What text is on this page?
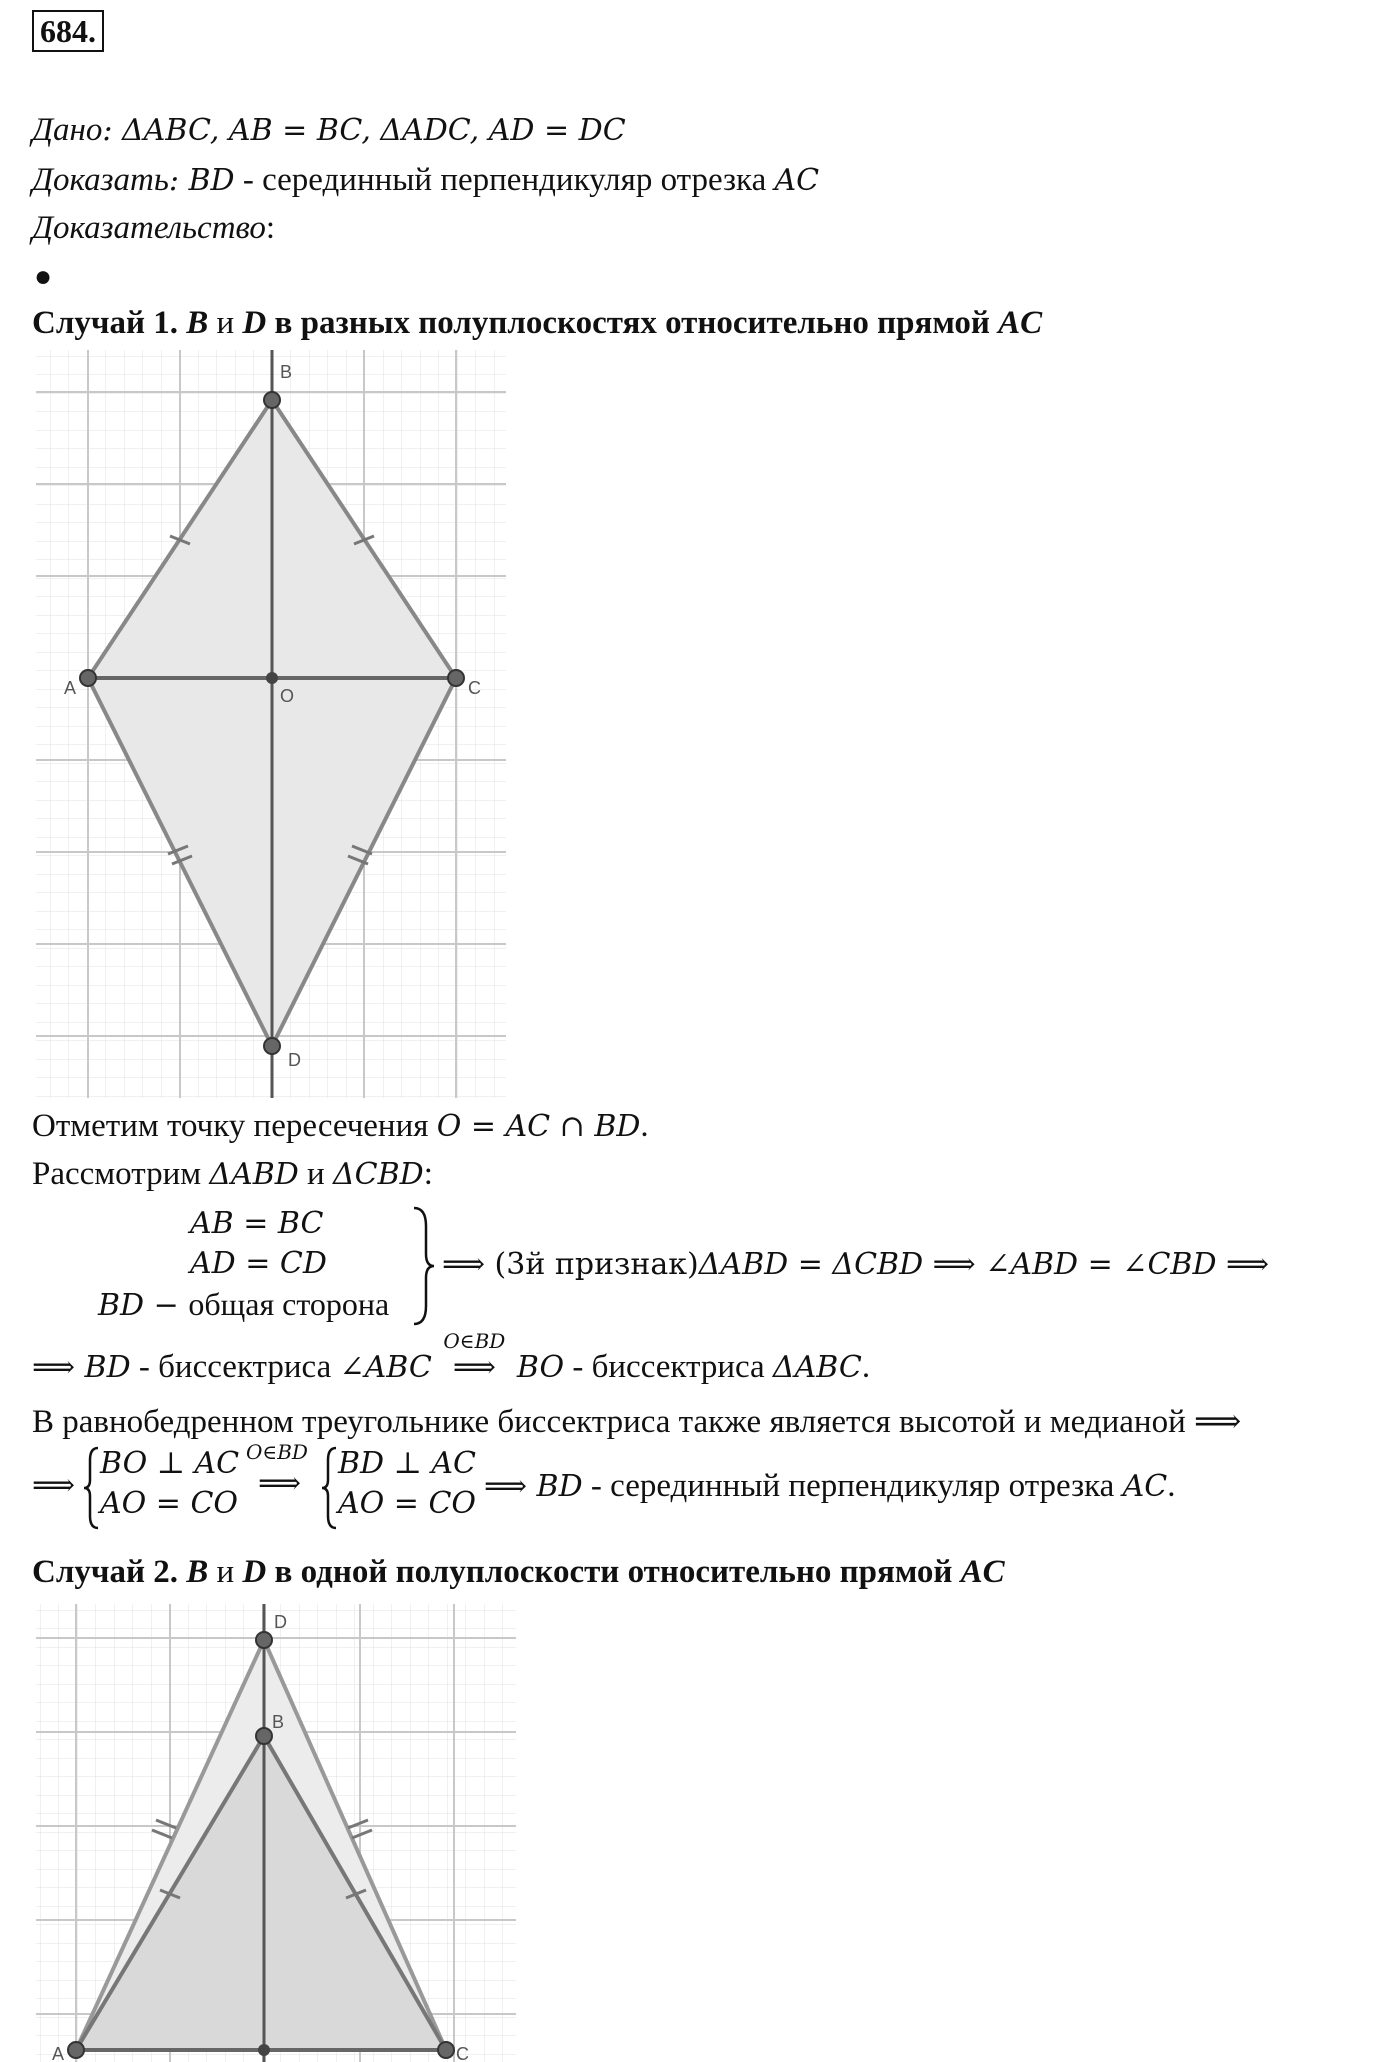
684.
Дано: ΔABC, AB = BC, ΔADC, AD = DC
Доказать: BD - серединный перпендикуляр отрезка AC
Доказательство:
●
Случай 1. B и D в разных полуплоскостях относительно прямой AC
B
A	C
O
D
Отметим точку пересечения O = AC ∩ BD.
Рассмотрим ΔABD и ΔCBD:
AB = BC
AD = CD
BD − общая сторона
⟹ (3й признак)ΔABD = ΔCBD ⟹ ∠ABD = ∠CBD ⟹
⟹ BD - биссектриса ∠ABC
O∈BD
⟹ BO - биссектриса ΔABC.
В равнобедренном треугольнике биссектриса также является высотой и медианой ⟹
⟹
BO ⊥ AC
AO = CO
O∈BD
⟹
BD ⊥ AC
AO = CO ⟹ BD - серединный перпендикуляр отрезка AC.
Случай 2. B и D в одной полуплоскости относительно прямой AC
D
B
A	C
